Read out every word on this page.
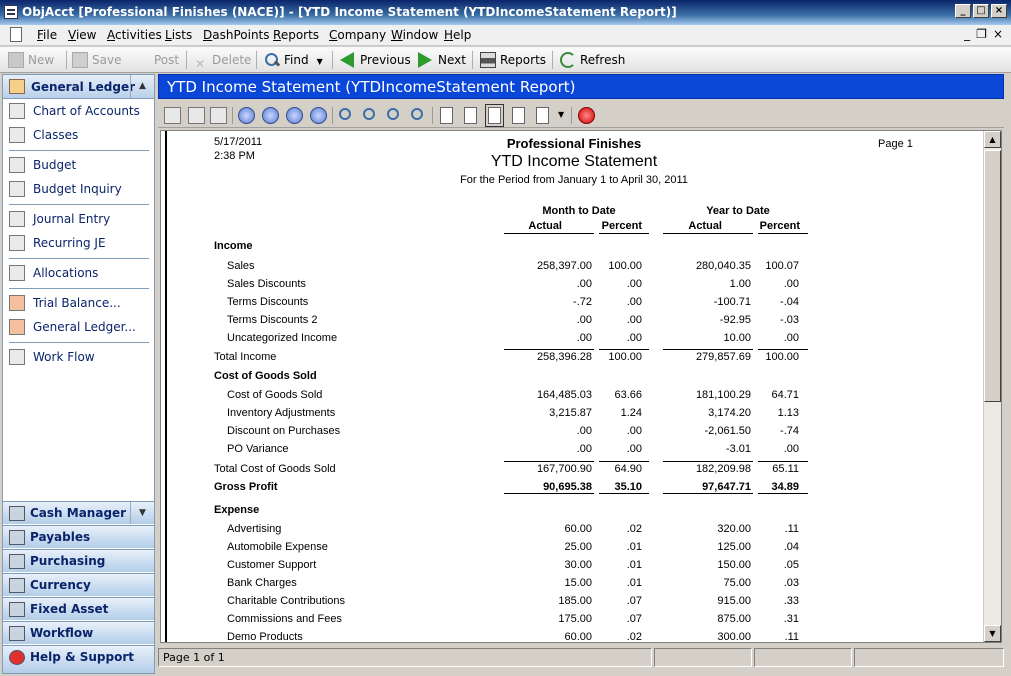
ObjAcct [Professional Finishes (NACE)] - [YTD Income Statement (YTDIncomeStatement Report)]	_	□ ×
File View Activities Lists DashPoints Reports Company Window Help	_ ❐ ×
New	Save	Post ✕ Delete	Find ▼	Previous	Next	Reports	Refresh
General Ledger ▲
Chart of Accounts
Classes
Budget
Budget Inquiry
Journal Entry
Recurring JE
Allocations
Trial Balance...
General Ledger...
Work Flow
Cash Manager	▼
Payables
Purchasing
Currency
Fixed Asset
Workflow
Help & Support
YTD Income Statement (YTDIncomeStatement Report)
▼
5/17/2011
2:38 PM
Professional Finishes
YTD Income Statement
For the Period from January 1 to April 30, 2011
Page 1
Month to Date	Year to Date
Actual	Percent	Actual	Percent
Income
Sales	258,397.00 100.00	280,040.35 100.07
Sales Discounts	.00	.00	1.00	.00
Terms Discounts	-.72	.00	-100.71	-.04
Terms Discounts 2	.00	.00	-92.95	-.03
Uncategorized Income	.00	.00	10.00	.00
Total Income	258,396.28 100.00	279,857.69 100.00
Cost of Goods Sold
Cost of Goods Sold	164,485.03 63.66	181,100.29 64.71
Inventory Adjustments	3,215.87	1.24	3,174.20 1.13
Discount on Purchases	.00	.00	-2,061.50	-.74
PO Variance	.00	.00	-3.01	.00
Total Cost of Goods Sold	167,700.90 64.90	182,209.98 65.11
Gross Profit	90,695.38 35.10	97,647.71 34.89
Expense
Advertising	60.00	.02	320.00	.11
Automobile Expense	25.00	.01	125.00	.04
Customer Support	30.00	.01	150.00	.05
Bank Charges	15.00	.01	75.00	.03
Charitable Contributions	185.00	.07	915.00	.33
Commissions and Fees	175.00	.07	875.00	.31
Demo Products	60.00	.02	300.00	.11
▲
▼
Page 1 of 1
